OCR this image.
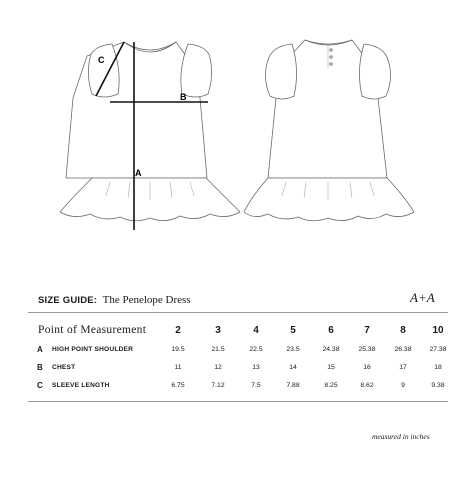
A
B
C
SIZE GUIDE: The Penelope Dress	A+A
Point of Measurement	2	3	4	5	6	7	8	10
A HIGH POINT SHOULDER	19.5	21.5	22.5	23.5	24.38	25.38	26.38	27.38
B CHEST	11	12	13	14	15	16	17	18
C SLEEVE LENGTH	6.75	7.12	7.5	7.88	8.25	8.62	9	9.38
measured in inches
